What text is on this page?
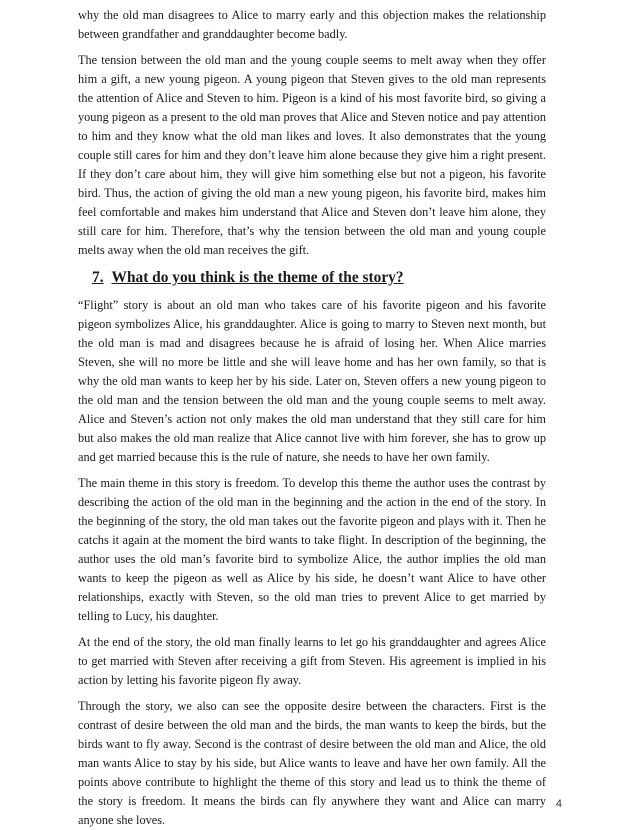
why the old man disagrees to Alice to marry early and this objection makes the relationship between grandfather and granddaughter become badly.

The tension between the old man and the young couple seems to melt away when they offer him a gift, a new young pigeon. A young pigeon that Steven gives to the old man represents the attention of Alice and Steven to him. Pigeon is a kind of his most favorite bird, so giving a young pigeon as a present to the old man proves that Alice and Steven notice and pay attention to him and they know what the old man likes and loves. It also demonstrates that the young couple still cares for him and they don’t leave him alone because they give him a right present. If they don’t care about him, they will give him something else but not a pigeon, his favorite bird. Thus, the action of giving the old man a new young pigeon, his favorite bird, makes him feel comfortable and makes him understand that Alice and Steven don’t leave him alone, they still care for him. Therefore, that’s why the tension between the old man and young couple melts away when the old man receives the gift.

7. What do you think is the theme of the story?

“Flight” story is about an old man who takes care of his favorite pigeon and his favorite pigeon symbolizes Alice, his granddaughter. Alice is going to marry to Steven next month, but the old man is mad and disagrees because he is afraid of losing her. When Alice marries Steven, she will no more be little and she will leave home and has her own family, so that is why the old man wants to keep her by his side. Later on, Steven offers a new young pigeon to the old man and the tension between the old man and the young couple seems to melt away. Alice and Steven’s action not only makes the old man understand that they still care for him but also makes the old man realize that Alice cannot live with him forever, she has to grow up and get married because this is the rule of nature, she needs to have her own family.

The main theme in this story is freedom. To develop this theme the author uses the contrast by describing the action of the old man in the beginning and the action in the end of the story. In the beginning of the story, the old man takes out the favorite pigeon and plays with it. Then he catchs it again at the moment the bird wants to take flight. In description of the beginning, the author uses the old man’s favorite bird to symbolize Alice, the author implies the old man wants to keep the pigeon as well as Alice by his side, he doesn’t want Alice to have other relationships, exactly with Steven, so the old man tries to prevent Alice to get married by telling to Lucy, his daughter.

At the end of the story, the old man finally learns to let go his granddaughter and agrees Alice to get married with Steven after receiving a gift from Steven. His agreement is implied in his action by letting his favorite pigeon fly away.

Through the story, we also can see the opposite desire between the characters. First is the contrast of desire between the old man and the birds, the man wants to keep the birds, but the birds want to fly away. Second is the contrast of desire between the old man and Alice, the old man wants Alice to stay by his side, but Alice wants to leave and have her own family. All the points above contribute to highlight the theme of this story and lead us to think the theme of the story is freedom. It means the birds can fly anywhere they want and Alice can marry anyone she loves.

4
